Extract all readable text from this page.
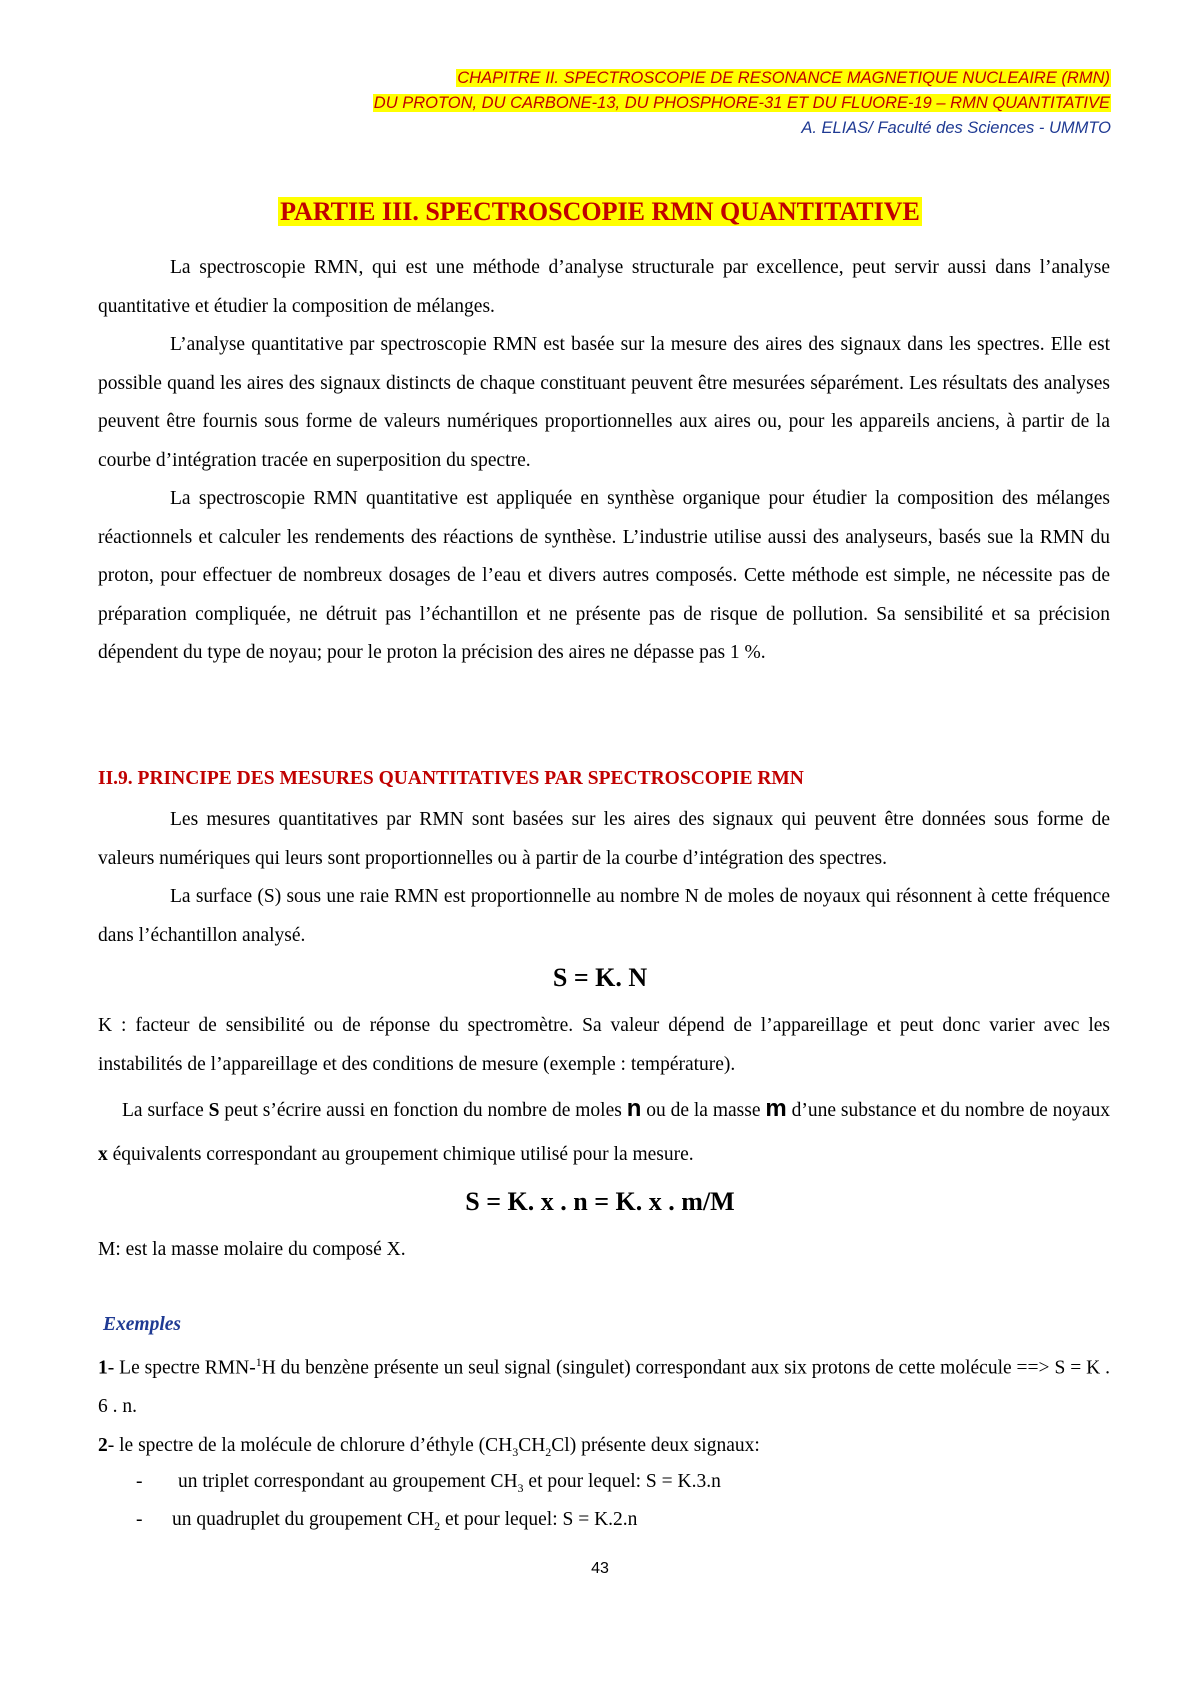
CHAPITRE II. SPECTROSCOPIE DE RESONANCE MAGNETIQUE NUCLEAIRE (RMN)
DU PROTON, DU CARBONE-13, DU PHOSPHORE-31 ET DU FLUORE-19 – RMN QUANTITATIVE
A. ELIAS/ Faculté des Sciences - UMMTO
PARTIE III. SPECTROSCOPIE RMN QUANTITATIVE

La spectroscopie RMN, qui est une méthode d’analyse structurale par excellence, peut servir aussi dans l’analyse quantitative et étudier la composition de mélanges.

L’analyse quantitative par spectroscopie RMN est basée sur la mesure des aires des signaux dans les spectres. Elle est possible quand les aires des signaux distincts de chaque constituant peuvent être mesurées séparément. Les résultats des analyses peuvent être fournis sous forme de valeurs numériques proportionnelles aux aires ou, pour les appareils anciens, à partir de la courbe d’intégration tracée en superposition du spectre.

La spectroscopie RMN quantitative est appliquée en synthèse organique pour étudier la composition des mélanges réactionnels et calculer les rendements des réactions de synthèse. L’industrie utilise aussi des analyseurs, basés sue la RMN du proton, pour effectuer de nombreux dosages de l’eau et divers autres composés. Cette méthode est simple, ne nécessite pas de préparation compliquée, ne détruit pas l’échantillon et ne présente pas de risque de pollution. Sa sensibilité et sa précision dépendent du type de noyau; pour le proton la précision des aires ne dépasse pas 1 %.

II.9. PRINCIPE DES MESURES QUANTITATIVES PAR SPECTROSCOPIE RMN

Les mesures quantitatives par RMN sont basées sur les aires des signaux qui peuvent être données sous forme de valeurs numériques qui leurs sont proportionnelles ou à partir de la courbe d’intégration des spectres.

La surface (S) sous une raie RMN est proportionnelle au nombre N de moles de noyaux qui résonnent à cette fréquence dans l’échantillon analysé.

S = K. N

K : facteur de sensibilité ou de réponse du spectromètre. Sa valeur dépend de l’appareillage et peut donc varier avec les instabilités de l’appareillage et des conditions de mesure (exemple : température).

La surface S peut s’écrire aussi en fonction du nombre de moles n ou de la masse m d’une substance et du nombre de noyaux x équivalents correspondant au groupement chimique utilisé pour la mesure.

S = K. x . n = K. x . m/M

M: est la masse molaire du composé X.

Exemples

1- Le spectre RMN-$^1$H du benzène présente un seul signal (singulet) correspondant aux six protons de cette molécule ==> S = K . 6 . n.

2- le spectre de la molécule de chlorure d’éthyle $(CH_3CH_2Cl)$ présente deux signaux:

- un triplet correspondant au groupement $CH_3$ et pour lequel: S = K.3.n
- un quadruplet du groupement $CH_2$ et pour lequel: S = K.2.n
43
